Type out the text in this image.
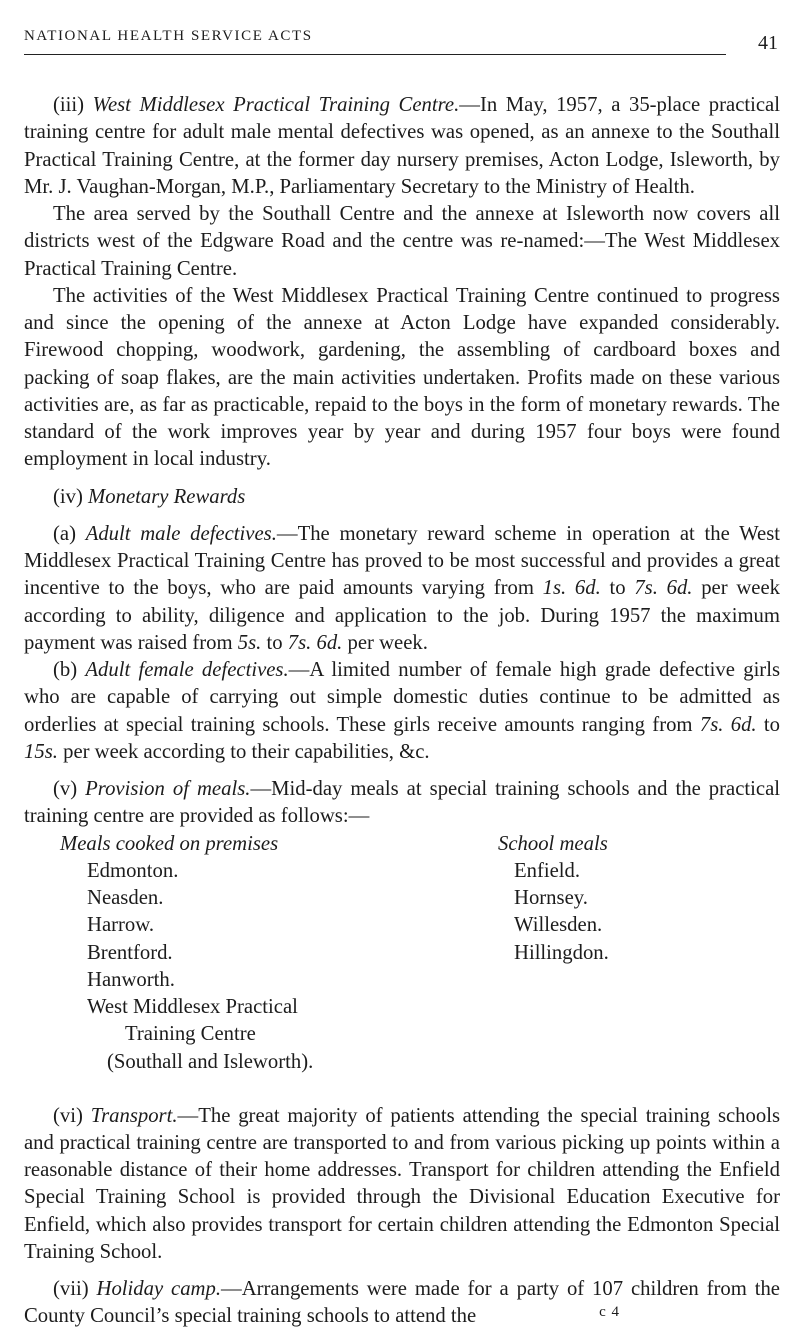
NATIONAL HEALTH SERVICE ACTS	41

(iii) West Middlesex Practical Training Centre.—In May, 1957, a 35-place practical training centre for adult male mental defectives was opened, as an annexe to the Southall Practical Training Centre, at the former day nursery premises, Acton Lodge, Isleworth, by Mr. J. Vaughan-Morgan, M.P., Parliamentary Secretary to the Ministry of Health.

The area served by the Southall Centre and the annexe at Isleworth now covers all districts west of the Edgware Road and the centre was re-named:—The West Middlesex Practical Training Centre.

The activities of the West Middlesex Practical Training Centre continued to progress and since the opening of the annexe at Acton Lodge have expanded considerably. Firewood chopping, woodwork, gardening, the assembling of cardboard boxes and packing of soap flakes, are the main activities undertaken. Profits made on these various activities are, as far as practicable, repaid to the boys in the form of monetary rewards. The standard of the work improves year by year and during 1957 four boys were found employment in local industry.

(iv) Monetary Rewards

(a) Adult male defectives.—The monetary reward scheme in operation at the West Middlesex Practical Training Centre has proved to be most successful and provides a great incentive to the boys, who are paid amounts varying from 1s. 6d. to 7s. 6d. per week according to ability, diligence and application to the job. During 1957 the maximum payment was raised from 5s. to 7s. 6d. per week.

(b) Adult female defectives.—A limited number of female high grade defective girls who are capable of carrying out simple domestic duties continue to be admitted as orderlies at special training schools. These girls receive amounts ranging from 7s. 6d. to 15s. per week according to their capabilities, &c.

(v) Provision of meals.—Mid-day meals at special training schools and the practical training centre are provided as follows:—

Meals cooked on premises
Edmonton.
Neasden.
Harrow.
Brentford.
Hanworth.
West Middlesex Practical
Training Centre
(Southall and Isleworth).
School meals
Enfield.
Hornsey.
Willesden.
Hillingdon.

(vi) Transport.—The great majority of patients attending the special training schools and practical training centre are transported to and from various picking up points within a reasonable distance of their home addresses. Transport for children attending the Enfield Special Training School is provided through the Divisional Education Executive for Enfield, which also provides transport for certain children attending the Edmonton Special Training School.

(vii) Holiday camp.—Arrangements were made for a party of 107 children from the County Council’s special training schools to attend the	c 4
